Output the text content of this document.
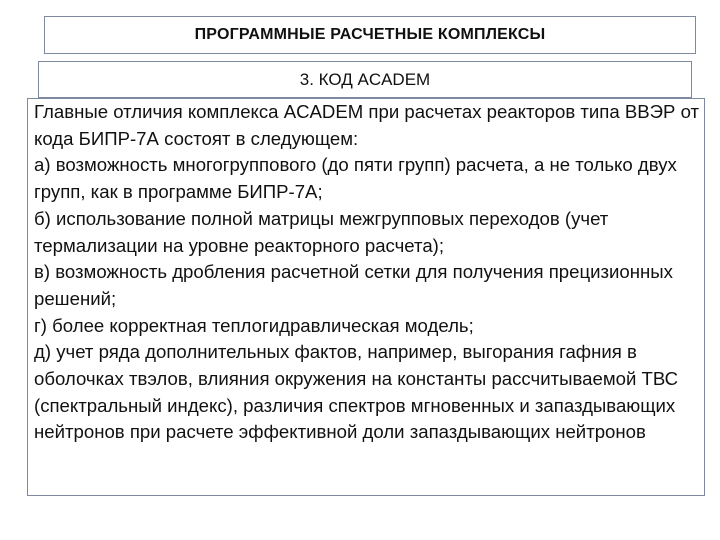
ПРОГРАММНЫЕ РАСЧЕТНЫЕ КОМПЛЕКСЫ
3. КОД ACADEM

Главные отличия комплекса ACADEM при расчетах реакторов типа ВВЭР от кода БИПР-7А состоят в следующем:

а) возможность многогруппового (до пяти групп) расчета, а не только двух групп, как в программе БИПР-7А;

б) использование полной матрицы межгрупповых переходов (учет термализации на уровне реакторного расчета);

в) возможность дробления расчетной сетки для получения прецизионных решений;

г) более корректная теплогидравлическая модель;

д) учет ряда дополнительных фактов, например, выгорания гафния в оболочках твэлов, влияния окружения на константы рассчитываемой ТВС (спектральный индекс), различия спектров мгновенных и запаздывающих нейтронов при расчете эффективной доли запаздывающих нейтронов
